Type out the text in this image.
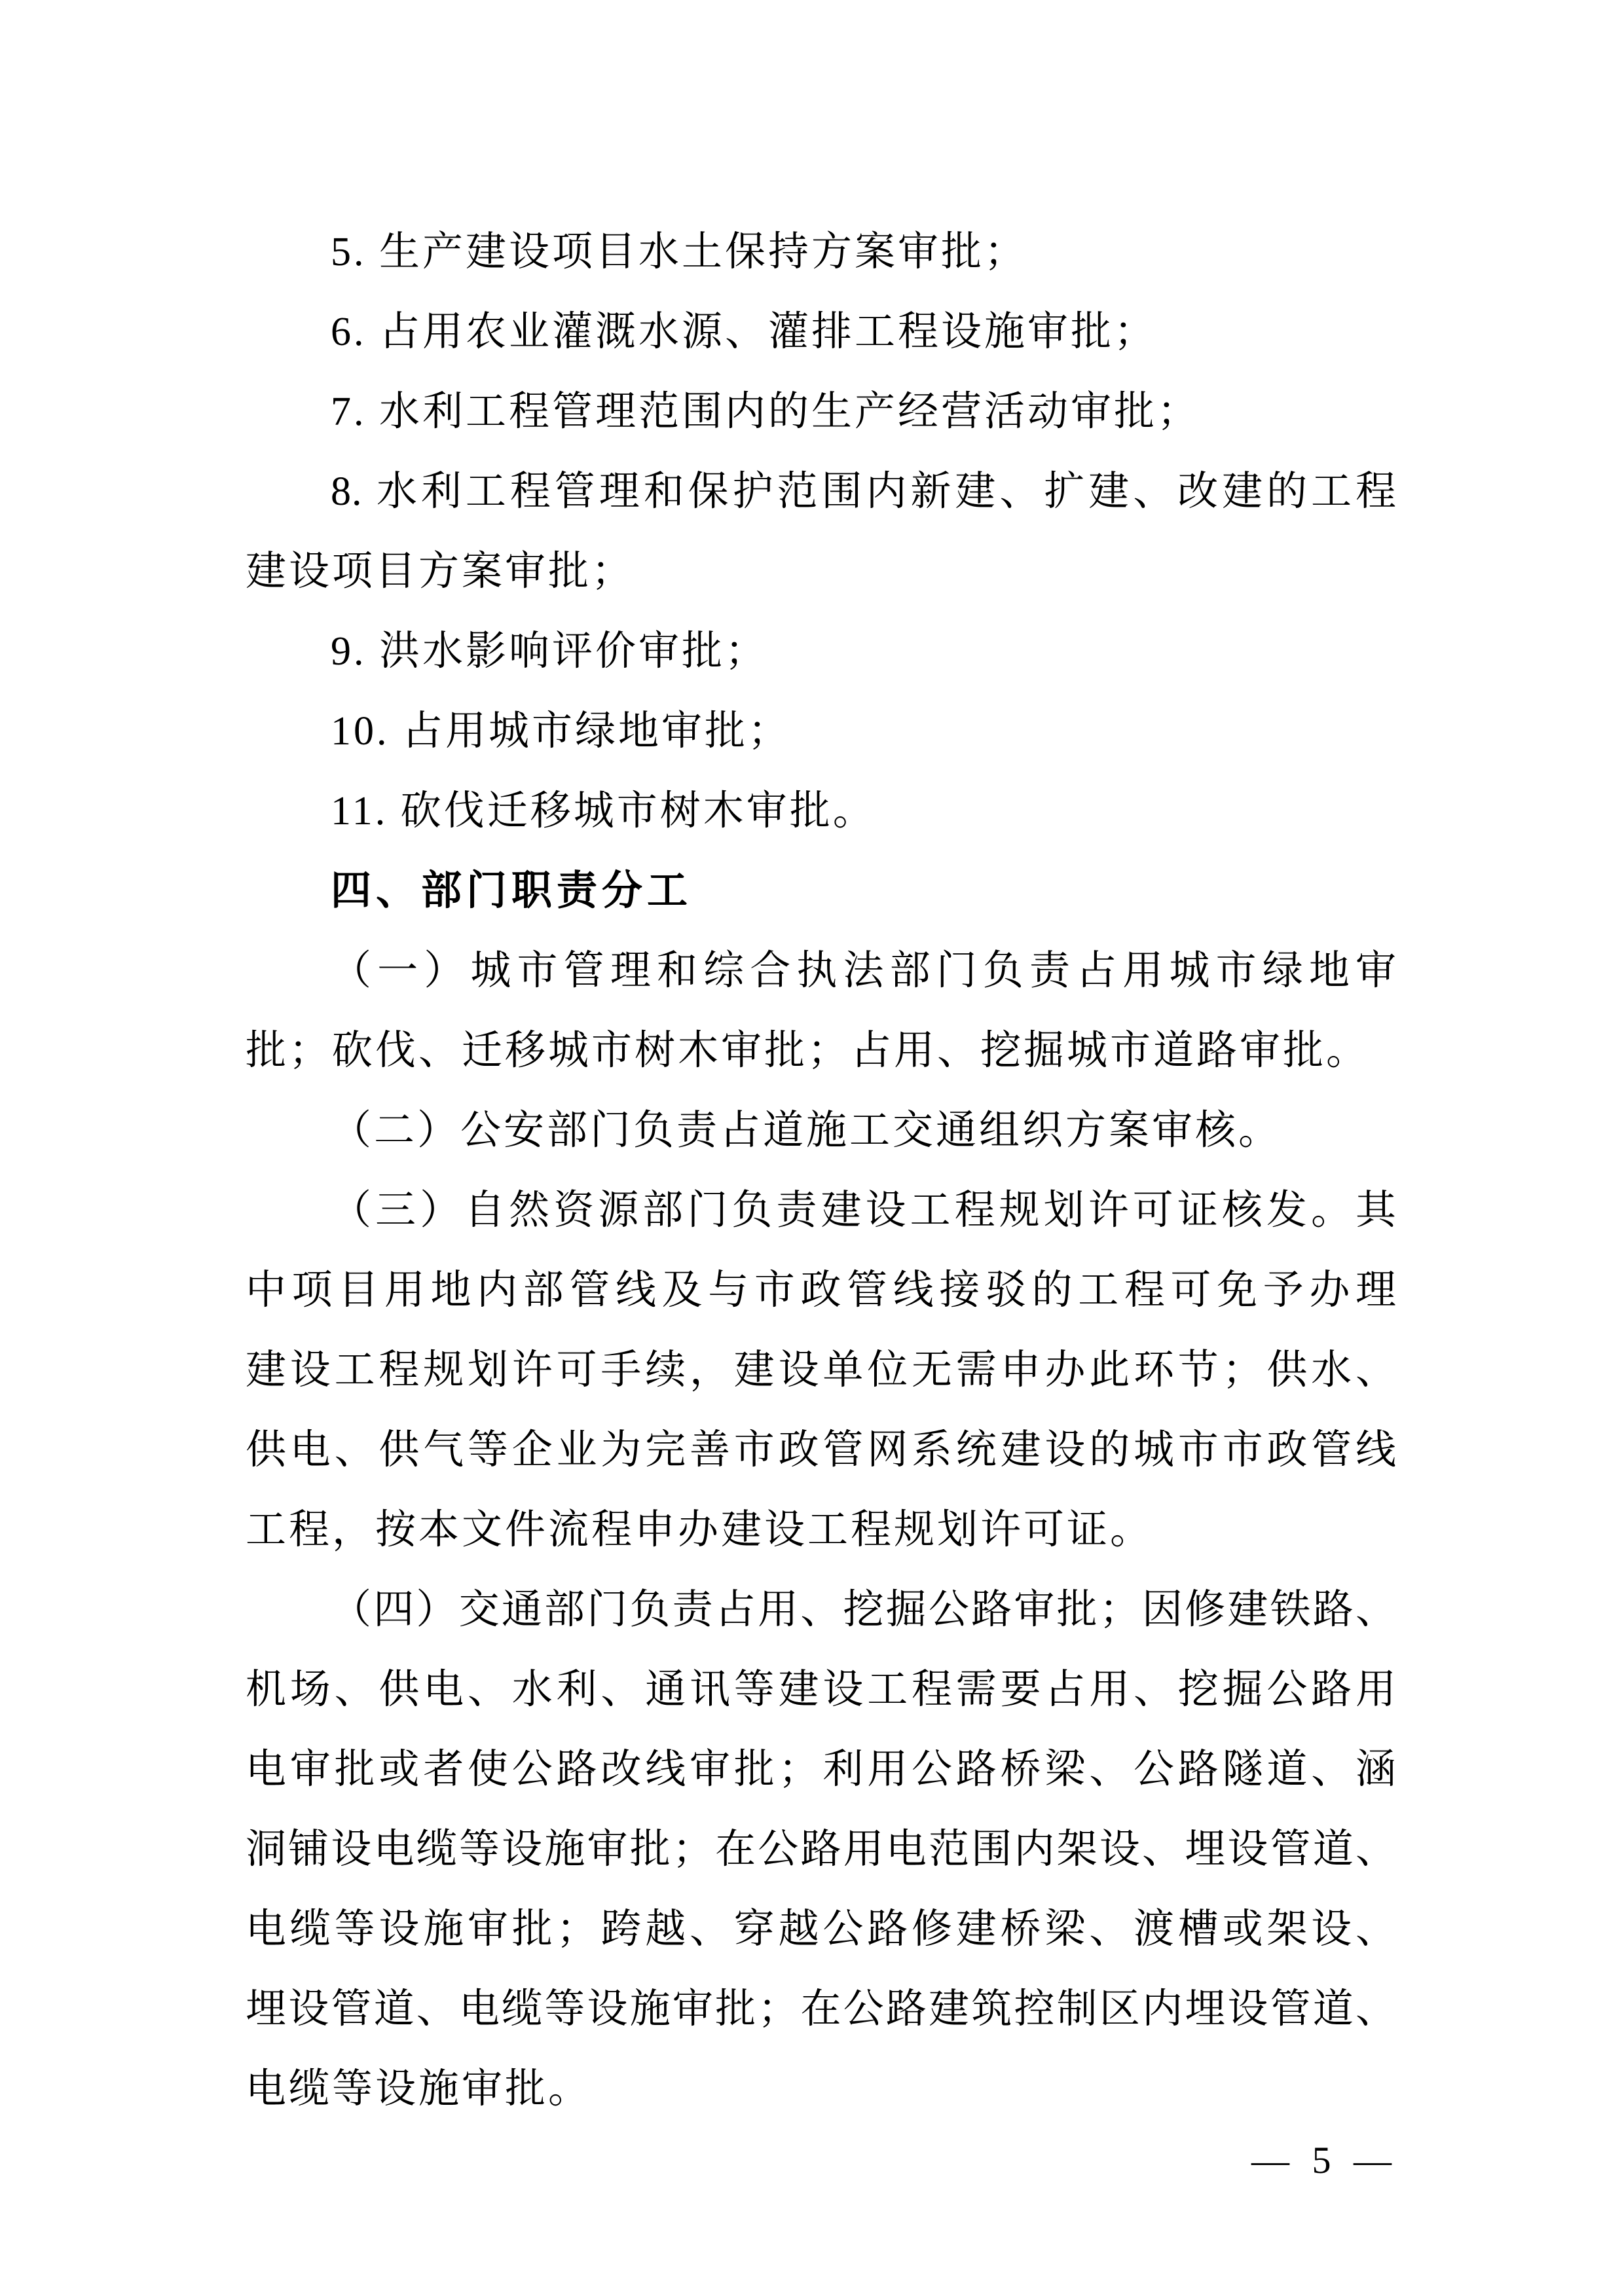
5. 生产建设项目水土保持方案审批；

6. 占用农业灌溉水源、灌排工程设施审批；

7. 水利工程管理范围内的生产经营活动审批；

8. 水利工程管理和保护范围内新建、扩建、改建的工程

建设项目方案审批；

9. 洪水影响评价审批；

10. 占用城市绿地审批；

11. 砍伐迁移城市树木审批。

四、部门职责分工

（一）城市管理和综合执法部门负责占用城市绿地审

批；砍伐、迁移城市树木审批；占用、挖掘城市道路审批。

（二）公安部门负责占道施工交通组织方案审核。

（三）自然资源部门负责建设工程规划许可证核发。其

中项目用地内部管线及与市政管线接驳的工程可免予办理

建设工程规划许可手续，建设单位无需申办此环节；供水、

供电、供气等企业为完善市政管网系统建设的城市市政管线

工程，按本文件流程申办建设工程规划许可证。

（四）交通部门负责占用、挖掘公路审批；因修建铁路、

机场、供电、水利、通讯等建设工程需要占用、挖掘公路用

电审批或者使公路改线审批；利用公路桥梁、公路隧道、涵

洞铺设电缆等设施审批；在公路用电范围内架设、埋设管道、

电缆等设施审批；跨越、穿越公路修建桥梁、渡槽或架设、

埋设管道、电缆等设施审批；在公路建筑控制区内埋设管道、

电缆等设施审批。

— 5 —
